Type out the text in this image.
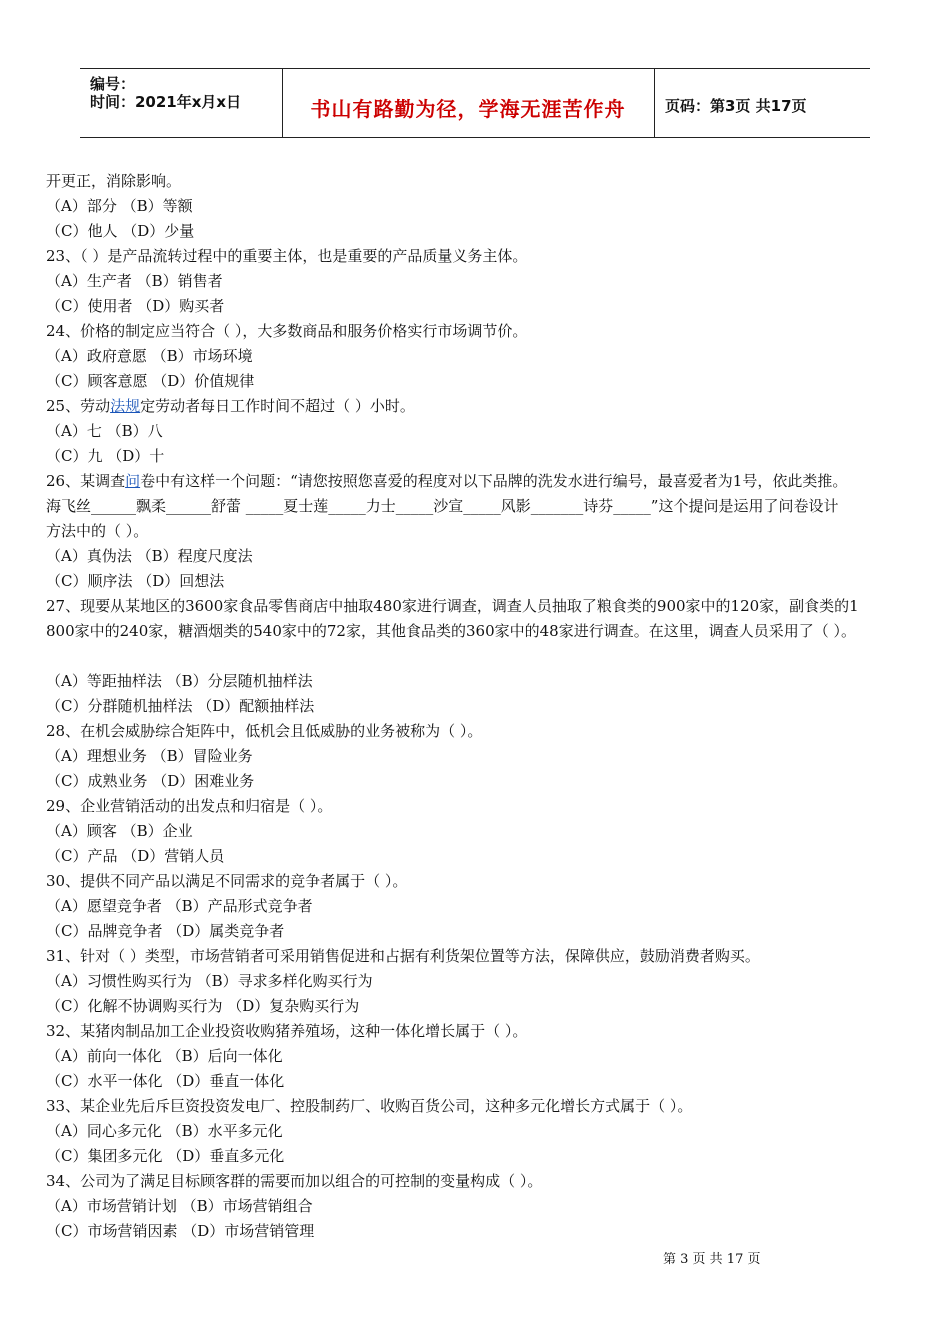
编号：
时间：2021年x月x日	书山有路勤为径，学海无涯苦作舟	页码：第3页 共17页
开更正，消除影响。
（A）部分 （B）等额
（C）他人 （D）少量
23、（ ）是产品流转过程中的重要主体，也是重要的产品质量义务主体。
（A）生产者 （B）销售者
（C）使用者 （D）购买者
24、价格的制定应当符合（ ），大多数商品和服务价格实行市场调节价。
（A）政府意愿 （B）市场环境
（C）顾客意愿 （D）价值规律
25、劳动法规定劳动者每日工作时间不超过（ ）小时。
（A）七 （B）八
（C）九 （D）十
26、某调查问卷中有这样一个问题：“请您按照您喜爱的程度对以下品牌的洗发水进行编号，最喜爱者为1号，依此类推。
海飞丝______飘柔______舒蕾 _____夏士莲_____力士_____沙宣_____风影_______诗芬_____”这个提问是运用了问卷设计
方法中的（ ）。
（A）真伪法 （B）程度尺度法
（C）顺序法 （D）回想法
27、现要从某地区的3600家食品零售商店中抽取480家进行调查，调查人员抽取了粮食类的900家中的120家，副食类的1
800家中的240家，糖酒烟类的540家中的72家，其他食品类的360家中的48家进行调查。在这里，调查人员采用了（ ）。
（A）等距抽样法 （B）分层随机抽样法
（C）分群随机抽样法 （D）配额抽样法
28、在机会威胁综合矩阵中，低机会且低威胁的业务被称为（ ）。
（A）理想业务 （B）冒险业务
（C）成熟业务 （D）困难业务
29、企业营销活动的出发点和归宿是（ ）。
（A）顾客 （B）企业
（C）产品 （D）营销人员
30、提供不同产品以满足不同需求的竞争者属于（ ）。
（A）愿望竞争者 （B）产品形式竞争者
（C）品牌竞争者 （D）属类竞争者
31、针对（ ）类型，市场营销者可采用销售促进和占据有利货架位置等方法，保障供应，鼓励消费者购买。
（A）习惯性购买行为 （B）寻求多样化购买行为
（C）化解不协调购买行为 （D）复杂购买行为
32、某猪肉制品加工企业投资收购猪养殖场，这种一体化增长属于（ ）。
（A）前向一体化 （B）后向一体化
（C）水平一体化 （D）垂直一体化
33、某企业先后斥巨资投资发电厂、控股制药厂、收购百货公司，这种多元化增长方式属于（ ）。
（A）同心多元化 （B）水平多元化
（C）集团多元化 （D）垂直多元化
34、公司为了满足目标顾客群的需要而加以组合的可控制的变量构成（ ）。
（A）市场营销计划 （B）市场营销组合
（C）市场营销因素 （D）市场营销管理
第 3 页 共 17 页
